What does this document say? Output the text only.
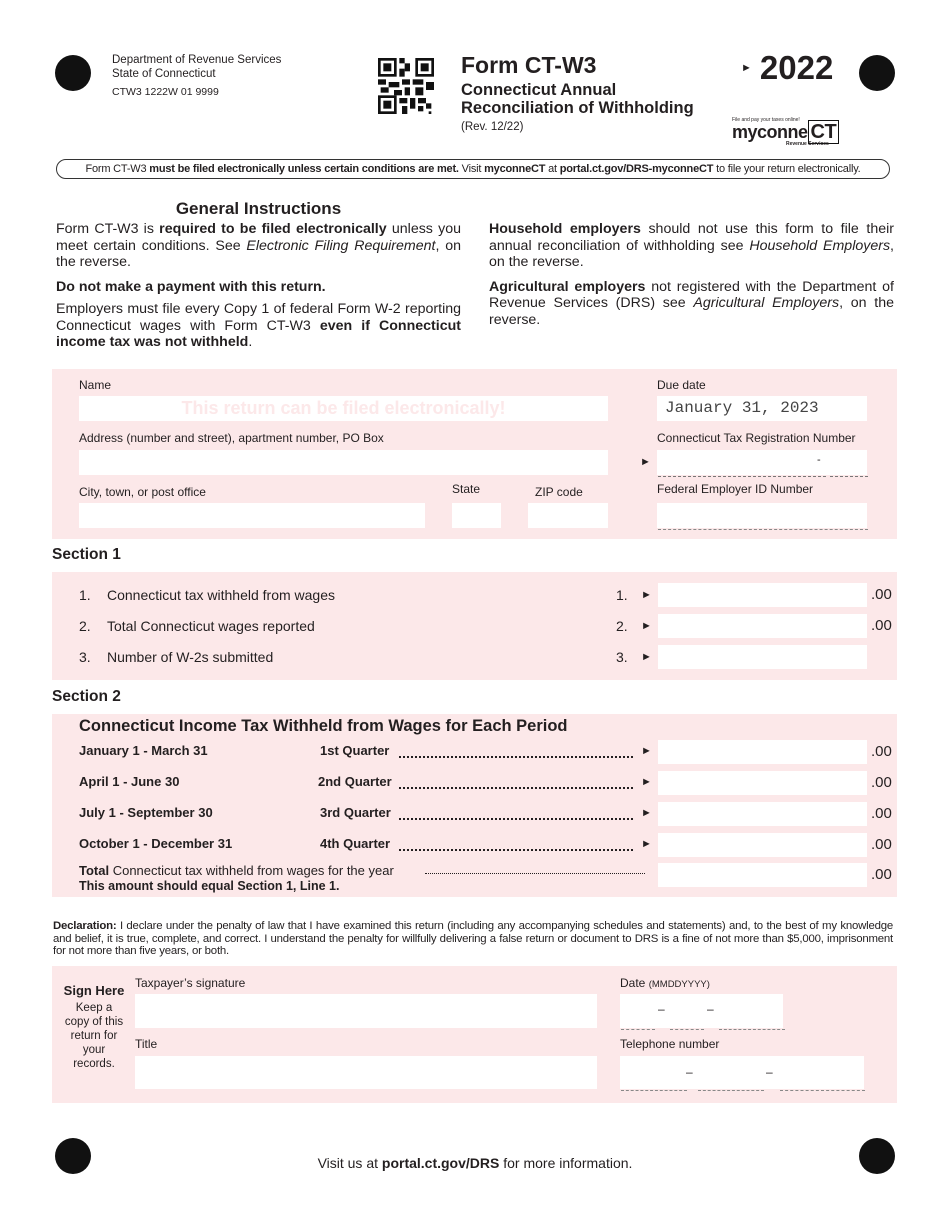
Department of Revenue Services
State of Connecticut
CTW3 1222W 01 9999
Form CT-W3
Connecticut Annual
Reconciliation of Withholding
(Rev. 12/22)
► 2022
File and pay your taxes online!
myconne CT
Revenue Services
Form CT-W3 must be filed electronically unless certain conditions are met. Visit myconneCT at portal.ct.gov/DRS-myconneCT to file your return electronically.
General Instructions

Form CT-W3 is required to be filed electronically unless you meet certain conditions. See Electronic Filing Requirement, on the reverse.

Do not make a payment with this return.

Employers must file every Copy 1 of federal Form W-2 reporting Connecticut wages with Form CT-W3 even if Connecticut income tax was not withheld.

Household employers should not use this form to file their annual reconciliation of withholding see Household Employers, on the reverse.

Agricultural employers not registered with the Department of Revenue Services (DRS) see Agricultural Employers, on the reverse.

Name
This return can be filed electronically!
Address (number and street), apartment number, PO Box
City, town, or post office	State	ZIP code
Due date
January 31, 2023
Connecticut Tax Registration Number
►	-
Federal Employer ID Number
Section 1
1. Connecticut tax withheld from wages	1. ►	.00
2. Total Connecticut wages reported	2. ►	.00
3. Number of W-2s submitted	3. ►
Section 2
Connecticut Income Tax Withheld from Wages for Each Period
January 1 - March 31	1st Quarter	►	.00
April 1 - June 30	2nd Quarter	►	.00
July 1 - September 30	3rd Quarter	►	.00
October 1 - December 31	4th Quarter	►	.00
Total Connecticut tax withheld from wages for the year
This amount should equal Section 1, Line 1.
.00
Declaration: I declare under the penalty of law that I have examined this return (including any accompanying schedules and statements) and, to the best of my knowledge and belief, it is true, complete, and correct. I understand the penalty for willfully delivering a false return or document to DRS is a fine of not more than $5,000, imprisonment for not more than five years, or both.
Sign Here
Keep a copy of this return for your records.
Taxpayer’s signature
Title
Date (MMDDYYYY)
–	–
Telephone number
–	–
Visit us at portal.ct.gov/DRS for more information.
